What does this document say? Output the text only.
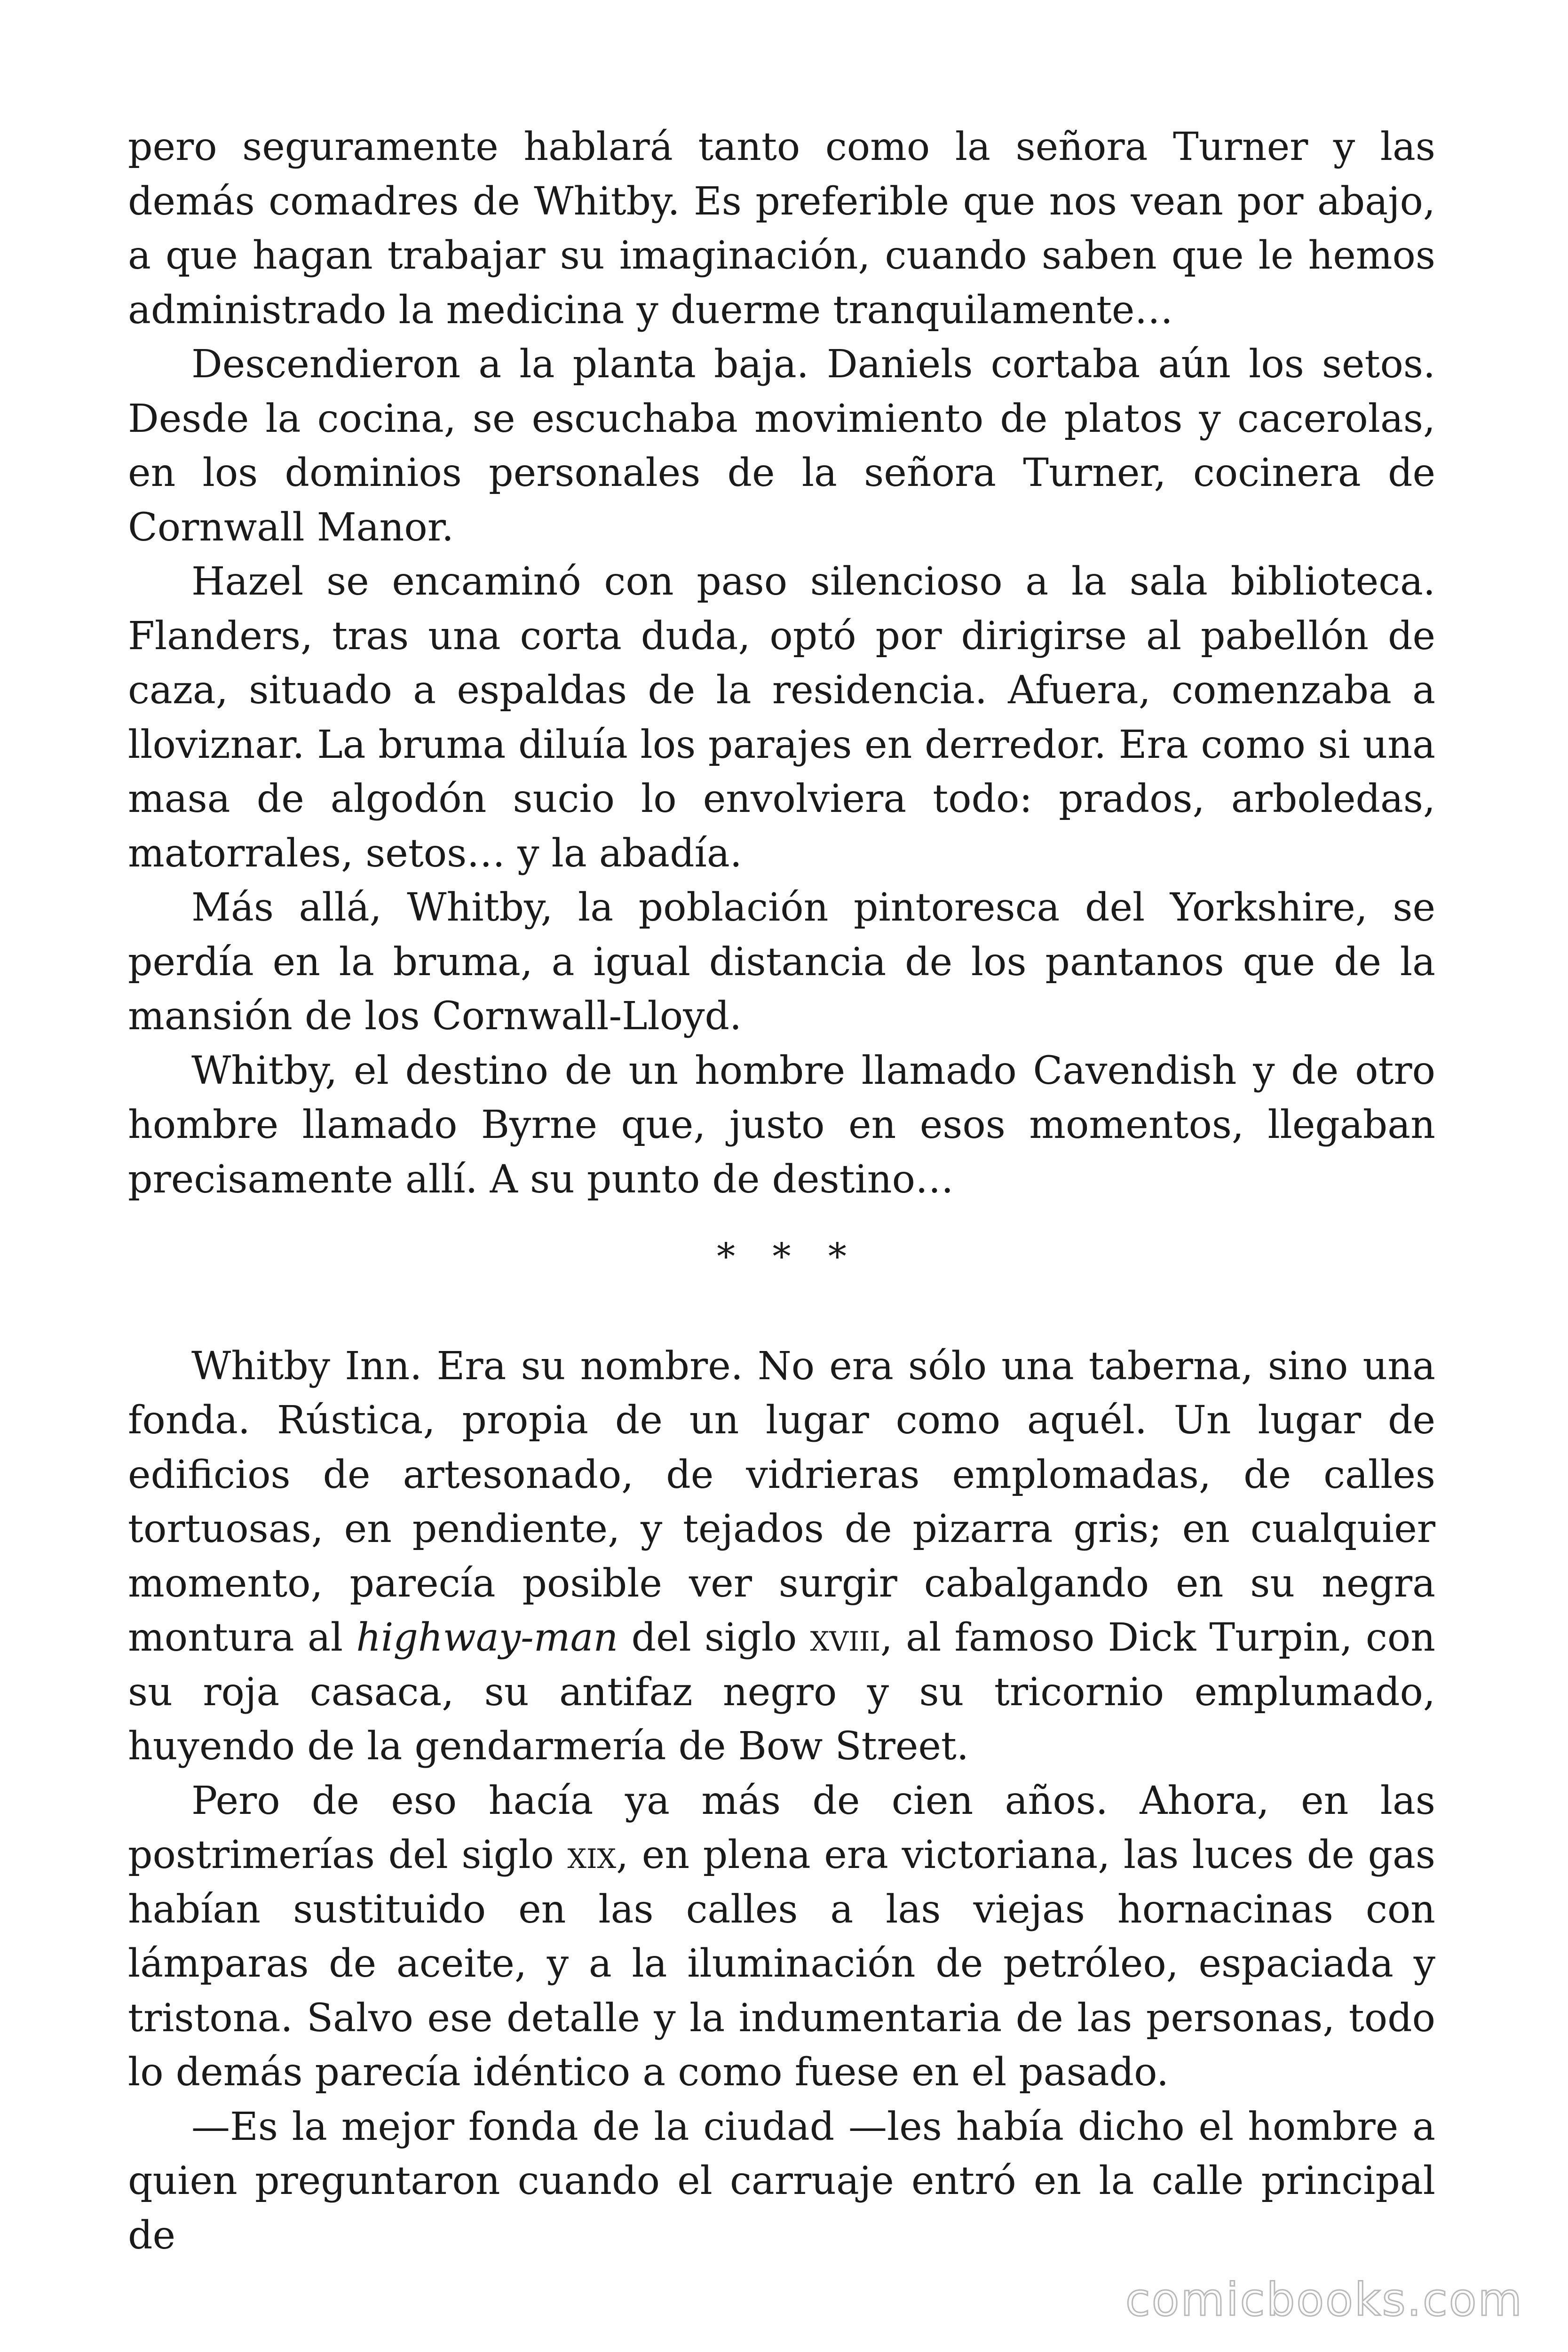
pero seguramente hablará tanto como la señora Turner y las demás comadres de Whitby. Es preferible que nos vean por abajo, a que hagan trabajar su imaginación, cuando saben que le hemos administrado la medicina y duerme tranquilamente…

Descendieron a la planta baja. Daniels cortaba aún los setos. Desde la cocina, se escuchaba movimiento de platos y cacerolas, en los dominios personales de la señora Turner, cocinera de Cornwall Manor.

Hazel se encaminó con paso silencioso a la sala biblioteca. Flanders, tras una corta duda, optó por dirigirse al pabellón de caza, situado a espaldas de la residencia. Afuera, comenzaba a lloviznar. La bruma diluía los parajes en derredor. Era como si una masa de algodón sucio lo envolviera todo: prados, arboledas, matorrales, setos… y la abadía.

Más allá, Whitby, la población pintoresca del Yorkshire, se perdía en la bruma, a igual distancia de los pantanos que de la mansión de los Cornwall-Lloyd.

Whitby, el destino de un hombre llamado Cavendish y de otro hombre llamado Byrne que, justo en esos momentos, llegaban precisamente allí. A su punto de destino…

* * *

Whitby Inn. Era su nombre. No era sólo una taberna, sino una fonda. Rústica, propia de un lugar como aquél. Un lugar de edificios de artesonado, de vidrieras emplomadas, de calles tortuosas, en pendiente, y tejados de pizarra gris; en cualquier momento, parecía posible ver surgir cabalgando en su negra montura al highway-man del siglo xviii, al famoso Dick Turpin, con su roja casaca, su antifaz negro y su tricornio emplumado, huyendo de la gendarmería de Bow Street.

Pero de eso hacía ya más de cien años. Ahora, en las postrimerías del siglo xix, en plena era victoriana, las luces de gas habían sustituido en las calles a las viejas hornacinas con lámparas de aceite, y a la iluminación de petróleo, espaciada y tristona. Salvo ese detalle y la indumentaria de las personas, todo lo demás parecía idéntico a como fuese en el pasado.

—Es la mejor fonda de la ciudad —les había dicho el hombre a quien preguntaron cuando el carruaje entró en la calle principal de

comicbooks.com
